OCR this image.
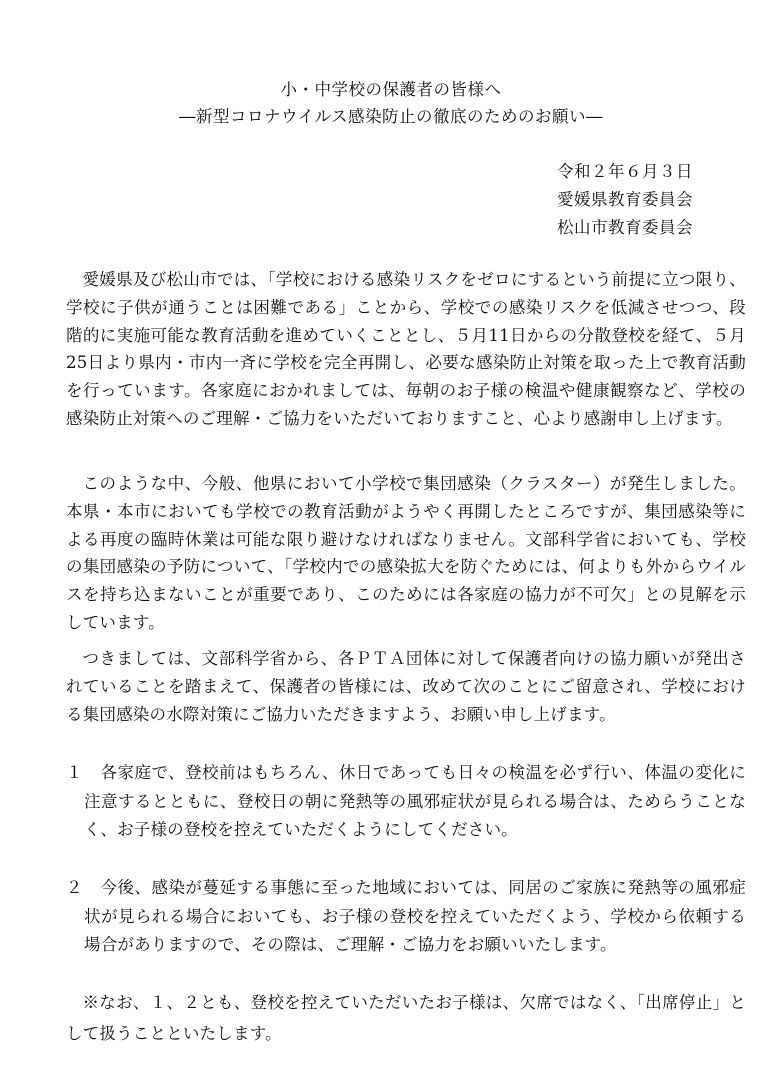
小・中学校の保護者の皆様へ
―新型コロナウイルス感染防止の徹底のためのお願い―
令和２年６月３日
愛媛県教育委員会
松山市教育委員会
愛媛県及び松山市では、「学校における感染リスクをゼロにするという前提に立つ限り、学校に子供が通うことは困難である」ことから、学校での感染リスクを低減させつつ、段階的に実施可能な教育活動を進めていくこととし、５月11日からの分散登校を経て、５月25日より県内・市内一斉に学校を完全再開し、必要な感染防止対策を取った上で教育活動を行っています。各家庭におかれましては、毎朝のお子様の検温や健康観察など、学校の感染防止対策へのご理解・ご協力をいただいておりますこと、心より感謝申し上げます。
このような中、今般、他県において小学校で集団感染（クラスター）が発生しました。本県・本市においても学校での教育活動がようやく再開したところですが、集団感染等による再度の臨時休業は可能な限り避けなければなりません。文部科学省においても、学校の集団感染の予防について、「学校内での感染拡大を防ぐためには、何よりも外からウイルスを持ち込まないことが重要であり、このためには各家庭の協力が不可欠」との見解を示しています。
つきましては、文部科学省から、各ＰＴＡ団体に対して保護者向けの協力願いが発出されていることを踏まえて、保護者の皆様には、改めて次のことにご留意され、学校における集団感染の水際対策にご協力いただきますよう、お願い申し上げます。
１	各家庭で、登校前はもちろん、休日であっても日々の検温を必ず行い、体温の変化に注意するとともに、登校日の朝に発熱等の風邪症状が見られる場合は、ためらうことなく、お子様の登校を控えていただくようにしてください。
２	今後、感染が蔓延する事態に至った地域においては、同居のご家族に発熱等の風邪症状が見られる場合においても、お子様の登校を控えていただくよう、学校から依頼する場合がありますので、その際は、ご理解・ご協力をお願いいたします。
※なお、１、２とも、登校を控えていただいたお子様は、欠席ではなく、「出席停止」として扱うことといたします。
